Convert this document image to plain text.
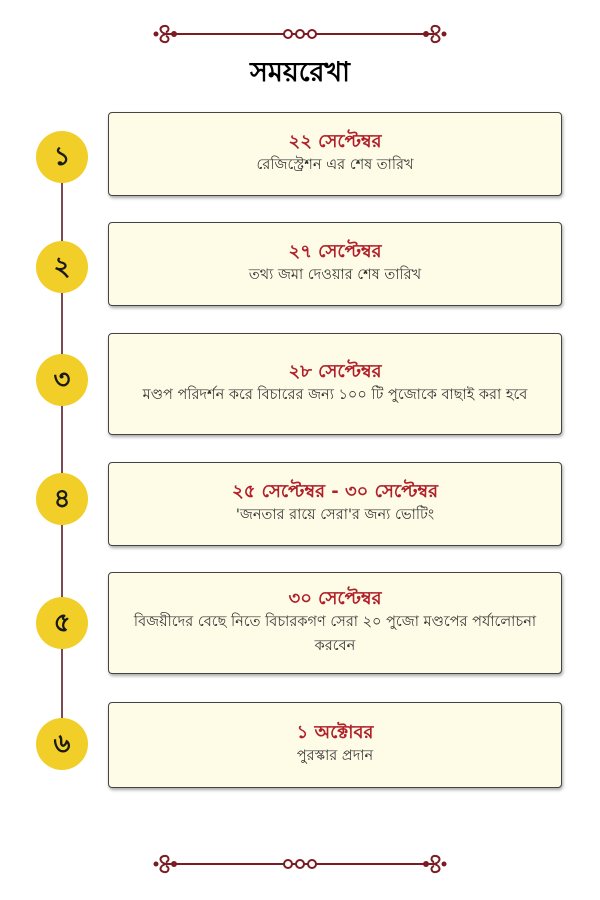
সময়রেখা
১
২২ সেপ্টেম্বর
রেজিস্ট্রেশন এর শেষ তারিখ
২
২৭ সেপ্টেম্বর
তথ্য জমা দেওয়ার শেষ তারিখ
৩	২৮ সেপ্টেম্বর
মণ্ডপ পরিদর্শন করে বিচারের জন্য ১০০ টি পুজোকে বাছাই করা হবে
৪	২৫ সেপ্টেম্বর - ৩০ সেপ্টেম্বর
'জনতার রায়ে সেরা'র জন্য ভোটিং
৫
৩০ সেপ্টেম্বর
বিজয়ীদের বেছে নিতে বিচারকগণ সেরা ২০ পুজো মণ্ডপের পর্যালোচনা করবেন
৬	১ অক্টোবর
পুরস্কার প্রদান
